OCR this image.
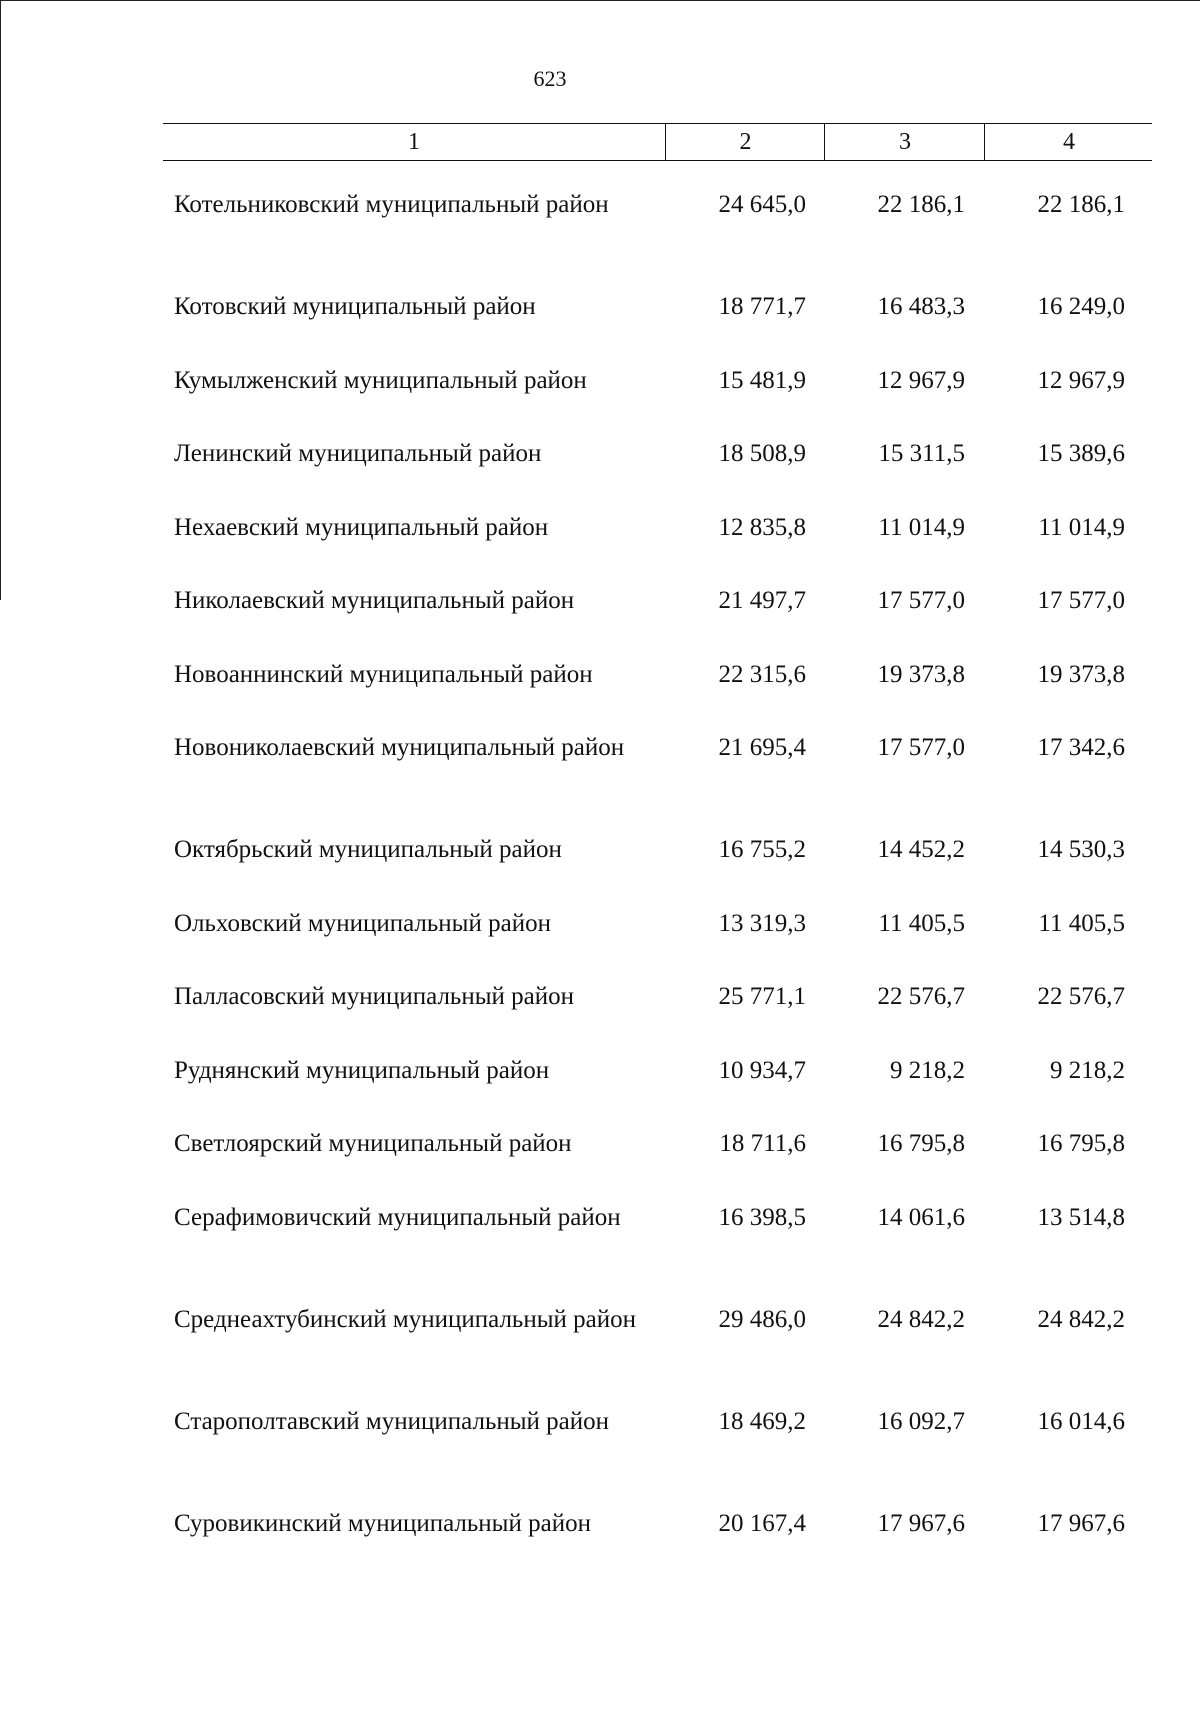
623
1	2	3	4
Котельниковский муниципальный район	24 645,0	22 186,1	22 186,1
Котовский муниципальный район	18 771,7	16 483,3	16 249,0
Кумылженский муниципальный район	15 481,9	12 967,9	12 967,9
Ленинский муниципальный район	18 508,9	15 311,5	15 389,6
Нехаевский муниципальный район	12 835,8	11 014,9	11 014,9
Николаевский муниципальный район	21 497,7	17 577,0	17 577,0
Новоаннинский муниципальный район	22 315,6	19 373,8	19 373,8
Новониколаевский муниципальный район	21 695,4	17 577,0	17 342,6
Октябрьский муниципальный район	16 755,2	14 452,2	14 530,3
Ольховский муниципальный район	13 319,3	11 405,5	11 405,5
Палласовский муниципальный район	25 771,1	22 576,7	22 576,7
Руднянский муниципальный район	10 934,7	9 218,2	9 218,2
Светлоярский муниципальный район	18 711,6	16 795,8	16 795,8
Серафимовичский муниципальный район	16 398,5	14 061,6	13 514,8
Среднеахтубинский муниципальный район	29 486,0	24 842,2	24 842,2
Старополтавский муниципальный район	18 469,2	16 092,7	16 014,6
Суровикинский муниципальный район	20 167,4	17 967,6	17 967,6
